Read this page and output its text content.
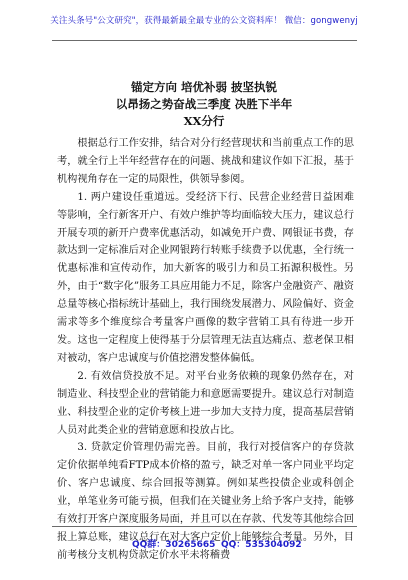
关注头条号"公文研究"，获得最新最全最专业的公文资料库！ 微信：gongwenyj
锚定方向 培优补弱 披坚执锐
以昂扬之势奋战三季度 决胜下半年
XX分行

根据总行工作安排，结合对分行经营现状和当前重点工作的思考，就全行上半年经营存在的问题、挑战和建议作如下汇报，基于机构视角存在一定的局限性，供领导参阅。

1. 两户建设任重道远。受经济下行、民营企业经营日益困难等影响，全行新客开户、有效户维护等均面临较大压力，建议总行开展专项的新开户费率优惠活动，如减免开户费、网银证书费，存款达到一定标准后对企业网银跨行转账手续费予以优惠，全行统一优惠标准和宣传动作，加大新客的吸引力和员工拓源积极性。另外，由于“数字化”服务工具应用能力不足，除客户金融资产、融资总量等核心指标统计基础上，我行围绕发展潜力、风险偏好、资金需求等多个维度综合考量客户画像的数字营销工具有待进一步开发。这也一定程度上使得基于分层管理无法直达痛点、惹老保卫相对被动，客户忠诚度与价值挖潜发整体偏低。

2. 有效信贷投放不足。对平台业务依赖的现象仍然存在，对制造业、科技型企业的营销能力和意愿需要提升。建议总行对制造业、科技型企业的定价考核上进一步加大支持力度，提高基层营销人员对此类企业的营销意愿和投放占比。

3. 贷款定价管理仍需完善。目前，我行对授信客户的存贷款定价依据单纯看FTP成本价格的盈亏，缺乏对单一客户同业平均定价、客户忠诚度、综合回报等测算。例如某些投债企业或科创企业，单笔业务可能亏损，但我们在关键业务上给予客户支持，能够有效打开客户深度服务局面，并且可以在存款、代发等其他综合回报上算总账，建议总行在对大客户定价上能够综合考量。另外，目前考核分支机构贷款定价水平未将稽费

QQ群：30265665 QQ：535304092
